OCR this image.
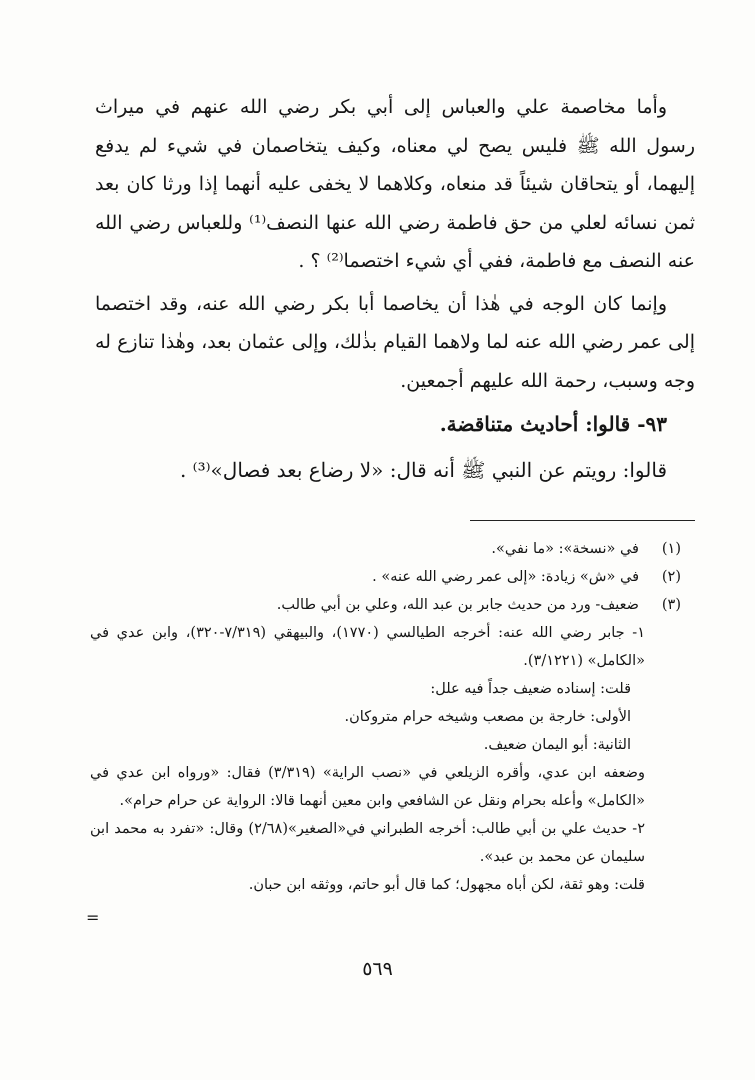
وأما مخاصمة علي والعباس إلى أبي بكر رضي الله عنهم في ميراث رسول الله ﷺ فليس يصح لي معناه، وكيف يتخاصمان في شيء لم يدفع إليهما، أو يتحاقان شيئاً قد منعاه، وكلاهما لا يخفى عليه أنهما إذا ورثا كان بعد ثمن نسائه لعلي من حق فاطمة رضي الله عنها النصف⁽¹⁾ وللعباس رضي الله عنه النصف مع فاطمة، ففي أي شيء اختصما⁽²⁾ ؟ .

وإنما كان الوجه في هٰذا أن يخاصما أبا بكر رضي الله عنه، وقد اختصما إلى عمر رضي الله عنه لما ولاهما القيام بذٰلك، وإلى عثمان بعد، وهٰذا تنازع له وجه وسبب، رحمة الله عليهم أجمعين.

٩٣- قالوا: أحاديث متناقضة.

قالوا: رويتم عن النبي ﷺ أنه قال: «لا رضاع بعد فصال»⁽³⁾ .

(١)في «نسخة»: «ما نفي».

(٢)في «ش» زيادة: «إلى عمر رضي الله عنه» .

(٣)ضعيف- ورد من حديث جابر بن عبد الله، وعلي بن أبي طالب.

١- جابر رضي الله عنه: أخرجه الطيالسي (١٧٧٠)، والبيهقي (٧/٣١٩-٣٢٠)، وابن عدي في «الكامل» (٣/١٢٢١).

قلت: إسناده ضعيف جداً فيه علل:

الأولى: خارجة بن مصعب وشيخه حرام متروكان.

الثانية: أبو اليمان ضعيف.

وضعفه ابن عدي، وأقره الزيلعي في «نصب الراية» (٣/٣١٩) فقال: «ورواه ابن عدي في «الكامل» وأعله بحرام ونقل عن الشافعي وابن معين أنهما قالا: الرواية عن حرام حرام».

٢- حديث علي بن أبي طالب: أخرجه الطبراني في«الصغير»(٢/٦٨) وقال: «تفرد به محمد ابن سليمان عن محمد بن عبد».

قلت: وهو ثقة، لكن أباه مجهول؛ كما قال أبو حاتم، ووثقه ابن حبان.

=
٥٦٩
